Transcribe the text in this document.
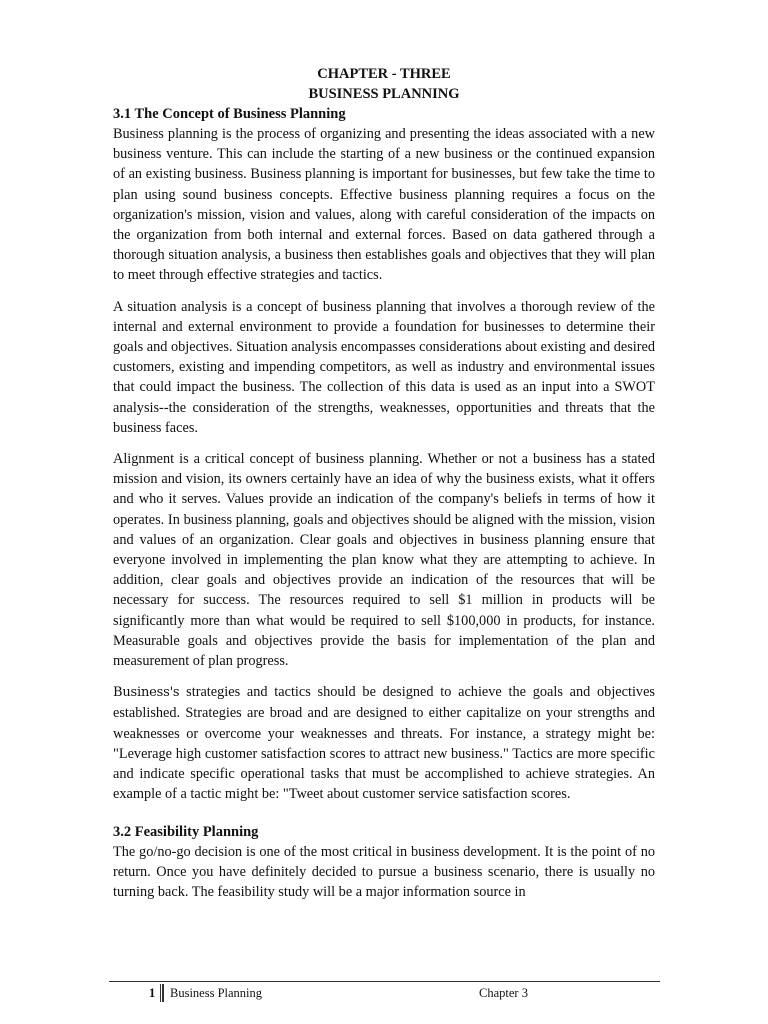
CHAPTER - THREE
BUSINESS PLANNING
3.1 The Concept of Business Planning

Business planning is the process of organizing and presenting the ideas associated with a new business venture. This can include the starting of a new business or the continued expansion of an existing business. Business planning is important for businesses, but few take the time to plan using sound business concepts. Effective business planning requires a focus on the organization's mission, vision and values, along with careful consideration of the impacts on the organization from both internal and external forces. Based on data gathered through a thorough situation analysis, a business then establishes goals and objectives that they will plan to meet through effective strategies and tactics.

A situation analysis is a concept of business planning that involves a thorough review of the internal and external environment to provide a foundation for businesses to determine their goals and objectives. Situation analysis encompasses considerations about existing and desired customers, existing and impending competitors, as well as industry and environmental issues that could impact the business. The collection of this data is used as an input into a SWOT analysis--the consideration of the strengths, weaknesses, opportunities and threats that the business faces.

Alignment is a critical concept of business planning. Whether or not a business has a stated mission and vision, its owners certainly have an idea of why the business exists, what it offers and who it serves. Values provide an indication of the company's beliefs in terms of how it operates. In business planning, goals and objectives should be aligned with the mission, vision and values of an organization. Clear goals and objectives in business planning ensure that everyone involved in implementing the plan know what they are attempting to achieve. In addition, clear goals and objectives provide an indication of the resources that will be necessary for success. The resources required to sell $1 million in products will be significantly more than what would be required to sell $100,000 in products, for instance. Measurable goals and objectives provide the basis for implementation of the plan and measurement of plan progress.

Business's strategies and tactics should be designed to achieve the goals and objectives established. Strategies are broad and are designed to either capitalize on your strengths and weaknesses or overcome your weaknesses and threats. For instance, a strategy might be: "Leverage high customer satisfaction scores to attract new business." Tactics are more specific and indicate specific operational tasks that must be accomplished to achieve strategies. An example of a tactic might be: "Tweet about customer service satisfaction scores.

3.2 Feasibility Planning

The go/no-go decision is one of the most critical in business development. It is the point of no return. Once you have definitely decided to pursue a business scenario, there is usually no turning back. The feasibility study will be a major information source in

1 Business Planning	Chapter 3
